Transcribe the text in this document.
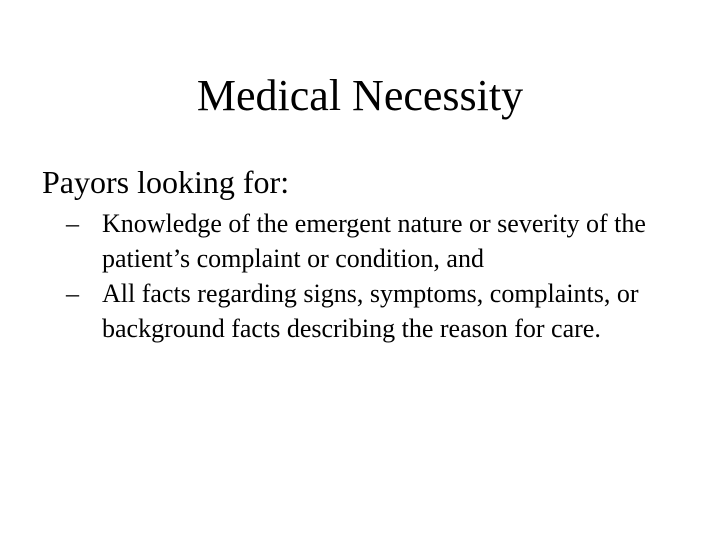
Medical Necessity
Payors looking for:
– Knowledge of the emergent nature or severity of the patient’s complaint or condition, and
– All facts regarding signs, symptoms, complaints, or background facts describing the reason for care.
